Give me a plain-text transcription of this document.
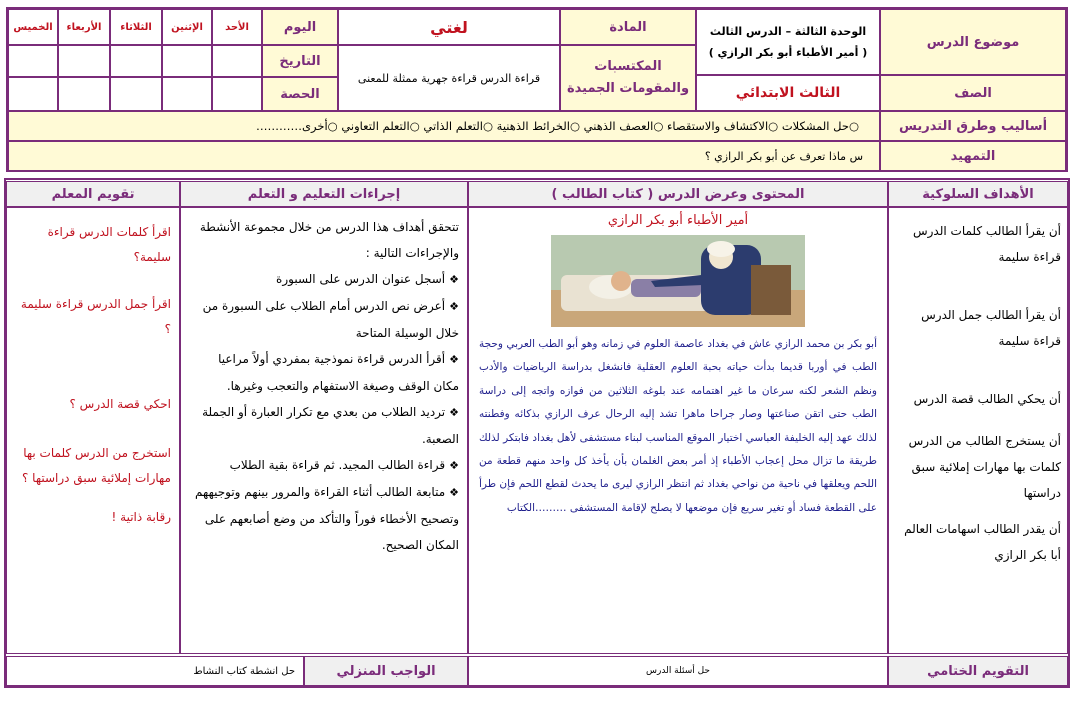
موضوع الدرس
الوحدة الثالثة – الدرس الثالث
( أمير الأطباء أبو بكر الرازي )
المادة
المكتسبات والمقومات الجميدة
لغتي
قراءة الدرس قراءة جهرية ممثلة للمعنى
اليوم
التاريخ
الحصة
الأحد
الإثنين
الثلاثاء
الأربعاء
الخميس
الصف
الثالث الابتدائي
أساليب وطرق التدريس
○حل المشكلات ○الاكتشاف والاستقصاء ○العصف الذهني ○الخرائط الذهنية ○التعلم الذاتي ○التعلم التعاوني ○أخرى…………
التمهيد
س ماذا تعرف عن أبو بكر الرازي ؟
الأهداف السلوكية
المحتوى وعرض الدرس ( كتاب الطالب )
إجراءات التعليم و التعلم
تقويم المعلم
أن يقرأ الطالب كلمات الدرس قراءة سليمة
أن يقرأ الطالب جمل الدرس قراءة سليمة
أن يحكي الطالب قصة الدرس
أن يستخرج الطالب من الدرس كلمات بها مهارات إملائية سبق دراستها
أن يقدر الطالب اسهامات العالم أبا بكر الرازي
أمير الأطباء أبو بكر الرازي
أبو بكر بن محمد الرازي عاش في بغداد عاصمة العلوم في زمانه وهو أبو الطب العربي وحجة الطب في أوربا قديما بدأت حياته بحبة العلوم العقلية فانشغل بدراسة الرياضيات والأدب ونظم الشعر لكنه سرعان ما غير اهتمامه عند بلوغه الثلاثين من فوازه واتجه إلى دراسة الطب حتى اتقن صناعتها وصار جراحا ماهرا تشد إليه الرحال عرف الرازي بذكائه وفطنته لذلك عهد إليه الخليفة العباسي اختيار الموقع المناسب لبناء مستشفى لأهل بغداد فابتكر لذلك طريقة ما تزال محل إعجاب الأطباء إذ أمر بعض الغلمان بأن يأخذ كل واحد منهم قطعة من اللحم ويعلقها في ناحية من نواحي بغداد ثم انتظر الرازي ليرى ما يحدث لقطع اللحم فإن طرأ على القطعة فساد أو تغير سريع فإن موضعها لا يصلح لإقامة المستشفى ………الكتاب
تتحقق أهداف هذا الدرس من خلال مجموعة الأنشطة والإجراءات التالية :
❖أسجل عنوان الدرس على السبورة
❖أعرض نص الدرس أمام الطلاب على السبورة من خلال الوسيلة المتاحة
❖أقرأ الدرس قراءة نموذجية بمفردي أولاً مراعيا مكان الوقف وصيغة الاستفهام والتعجب وغيرها.
❖ترديد الطلاب من بعدي مع تكرار العبارة أو الجملة الصعبة.
❖قراءة الطالب المجيد. ثم قراءة بقية الطلاب
❖متابعة الطالب أثناء القراءة والمرور بينهم وتوجيههم وتصحيح الأخطاء فوراً والتأكد من وضع أصابعهم على المكان الصحيح.
اقرأ كلمات الدرس قراءة سليمة؟
اقرأ جمل الدرس قراءة سليمة ؟
احكي قصة الدرس ؟
استخرج من الدرس كلمات بها مهارات إملائية سبق دراستها ؟
رقابة ذاتية !
التقويم الختامي
حل أسئلة الدرس
الواجب المنزلي
حل انشطة كتاب النشاط
